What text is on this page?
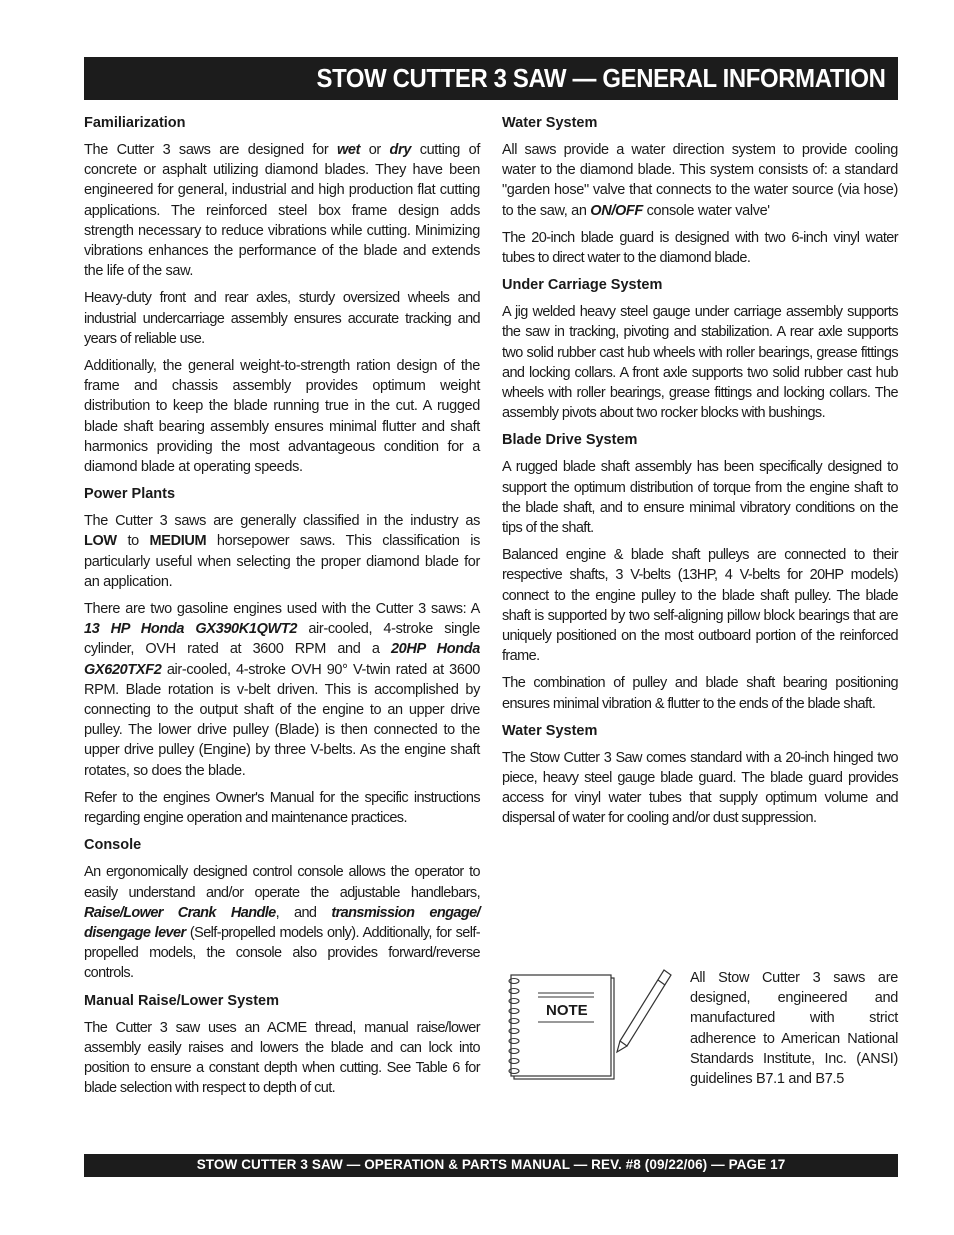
STOW CUTTER 3 SAW — GENERAL INFORMATION
Familiarization

The Cutter 3 saws are designed for wet or dry cutting of concrete or asphalt utilizing diamond blades. They have been engineered for general, industrial and high production flat cutting applications. The reinforced steel box frame design adds strength necessary to reduce vibrations while cutting. Minimizing vibrations enhances the performance of the blade and extends the life of the saw.

Heavy-duty front and rear axles, sturdy oversized wheels and industrial undercarriage assembly ensures accurate tracking and years of reliable use.

Additionally, the general weight-to-strength ration design of the frame and chassis assembly provides optimum weight distribution to keep the blade running true in the cut. A rugged blade shaft bearing assembly ensures minimal flutter and shaft harmonics providing the most advantageous condition for a diamond blade at operating speeds.

Power Plants

The Cutter 3 saws are generally classified in the industry as LOW to MEDIUM horsepower saws. This classification is particularly useful when selecting the proper diamond blade for an application.

There are two gasoline engines used with the Cutter 3 saws: A 13 HP Honda GX390K1QWT2 air-cooled, 4-stroke single cylinder, OVH rated at 3600 RPM and a 20HP Honda GX620TXF2 air-cooled, 4-stroke OVH 90° V-twin rated at 3600 RPM. Blade rotation is v-belt driven. This is accomplished by connecting to the output shaft of the engine to an upper drive pulley. The lower drive pulley (Blade) is then connected to the upper drive pulley (Engine) by three V-belts. As the engine shaft rotates, so does the blade.

Refer to the engines Owner's Manual for the specific instructions regarding engine operation and maintenance practices.

Console

An ergonomically designed control console allows the operator to easily understand and/or operate the adjustable handlebars, Raise/Lower Crank Handle, and transmission engage/ disengage lever (Self-propelled models only). Additionally, for self-propelled models, the console also provides forward/reverse controls.

Manual Raise/Lower System

The Cutter 3 saw uses an ACME thread, manual raise/lower assembly easily raises and lowers the blade and can lock into position to ensure a constant depth when cutting. See Table 6 for blade selection with respect to depth of cut.

Water System

All saws provide a water direction system to provide cooling water to the diamond blade. This system consists of: a standard "garden hose" valve that connects to the water source (via hose) to the saw, an ON/OFF console water valve'

The 20-inch blade guard is designed with two 6-inch vinyl water tubes to direct water to the diamond blade.

Under Carriage System

A jig welded heavy steel gauge under carriage assembly supports the saw in tracking, pivoting and stabilization. A rear axle supports two solid rubber cast hub wheels with roller bearings, grease fittings and locking collars. A front axle supports two solid rubber cast hub wheels with roller bearings, grease fittings and locking collars. The assembly pivots about two rocker blocks with bushings.

Blade Drive System

A rugged blade shaft assembly has been specifically designed to support the optimum distribution of torque from the engine shaft to the blade shaft, and to ensure minimal vibratory conditions on the tips of the shaft.

Balanced engine & blade shaft pulleys are connected to their respective shafts, 3 V-belts (13HP, 4 V-belts for 20HP models) connect to the engine pulley to the blade shaft pulley. The blade shaft is supported by two self-aligning pillow block bearings that are uniquely positioned on the most outboard portion of the reinforced frame.

The combination of pulley and blade shaft bearing positioning ensures minimal vibration & flutter to the ends of the blade shaft.

Water System

The Stow Cutter 3 Saw comes standard with a 20-inch hinged two piece, heavy steel gauge blade guard. The blade guard provides access for vinyl water tubes that supply optimum volume and dispersal of water for cooling and/or dust suppression.

NOTE

All Stow Cutter 3 saws are designed, engineered and manufactured with strict adherence to American National Standards Institute, Inc. (ANSI) guidelines B7.1 and B7.5

STOW CUTTER 3 SAW — OPERATION & PARTS MANUAL — REV. #8 (09/22/06) — PAGE 17
